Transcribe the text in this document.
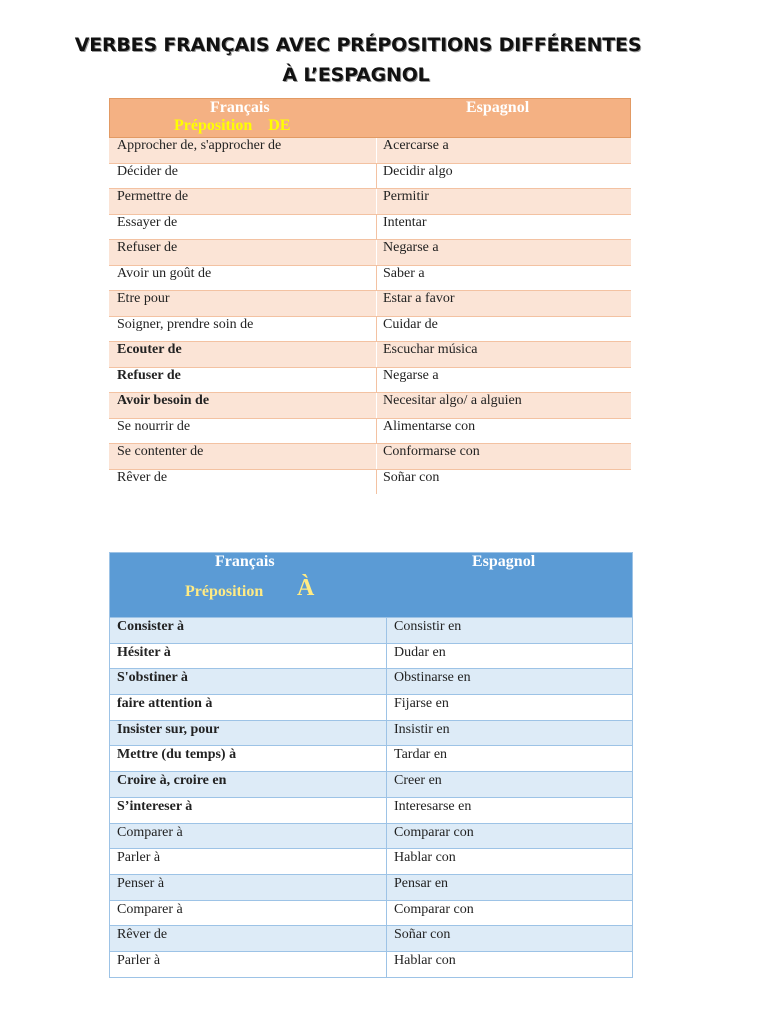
VERBES FRANÇAIS AVEC PRÉPOSITIONS DIFFÉRENTES
À L’ESPAGNOL
Français	Espagnol
Préposition    DE
Approcher de, s'approcher de	Acercarse a
Décider de	Decidir algo
Permettre de	Permitir
Essayer de	Intentar
Refuser de	Negarse a
Avoir un goût de	Saber a
Etre pour	Estar a favor
Soigner, prendre soin de	Cuidar de
Ecouter de	Escuchar música
Refuser de	Negarse a
Avoir besoin de	Necesitar algo/ a alguien
Se nourrir de	Alimentarse con
Se contenter de	Conformarse con
Rêver de	Soñar con
Français	Espagnol
Préposition À
Consister à	Consistir en
Hésiter à	Dudar en
S'obstiner à	Obstinarse en
faire attention à	Fijarse en
Insister sur, pour	Insistir en
Mettre (du temps) à	Tardar en
Croire à, croire en	Creer en
S’intereser à	Interesarse en
Comparer à	Comparar con
Parler à	Hablar con
Penser à	Pensar en
Comparer à	Comparar con
Rêver de	Soñar con
Parler à	Hablar con
